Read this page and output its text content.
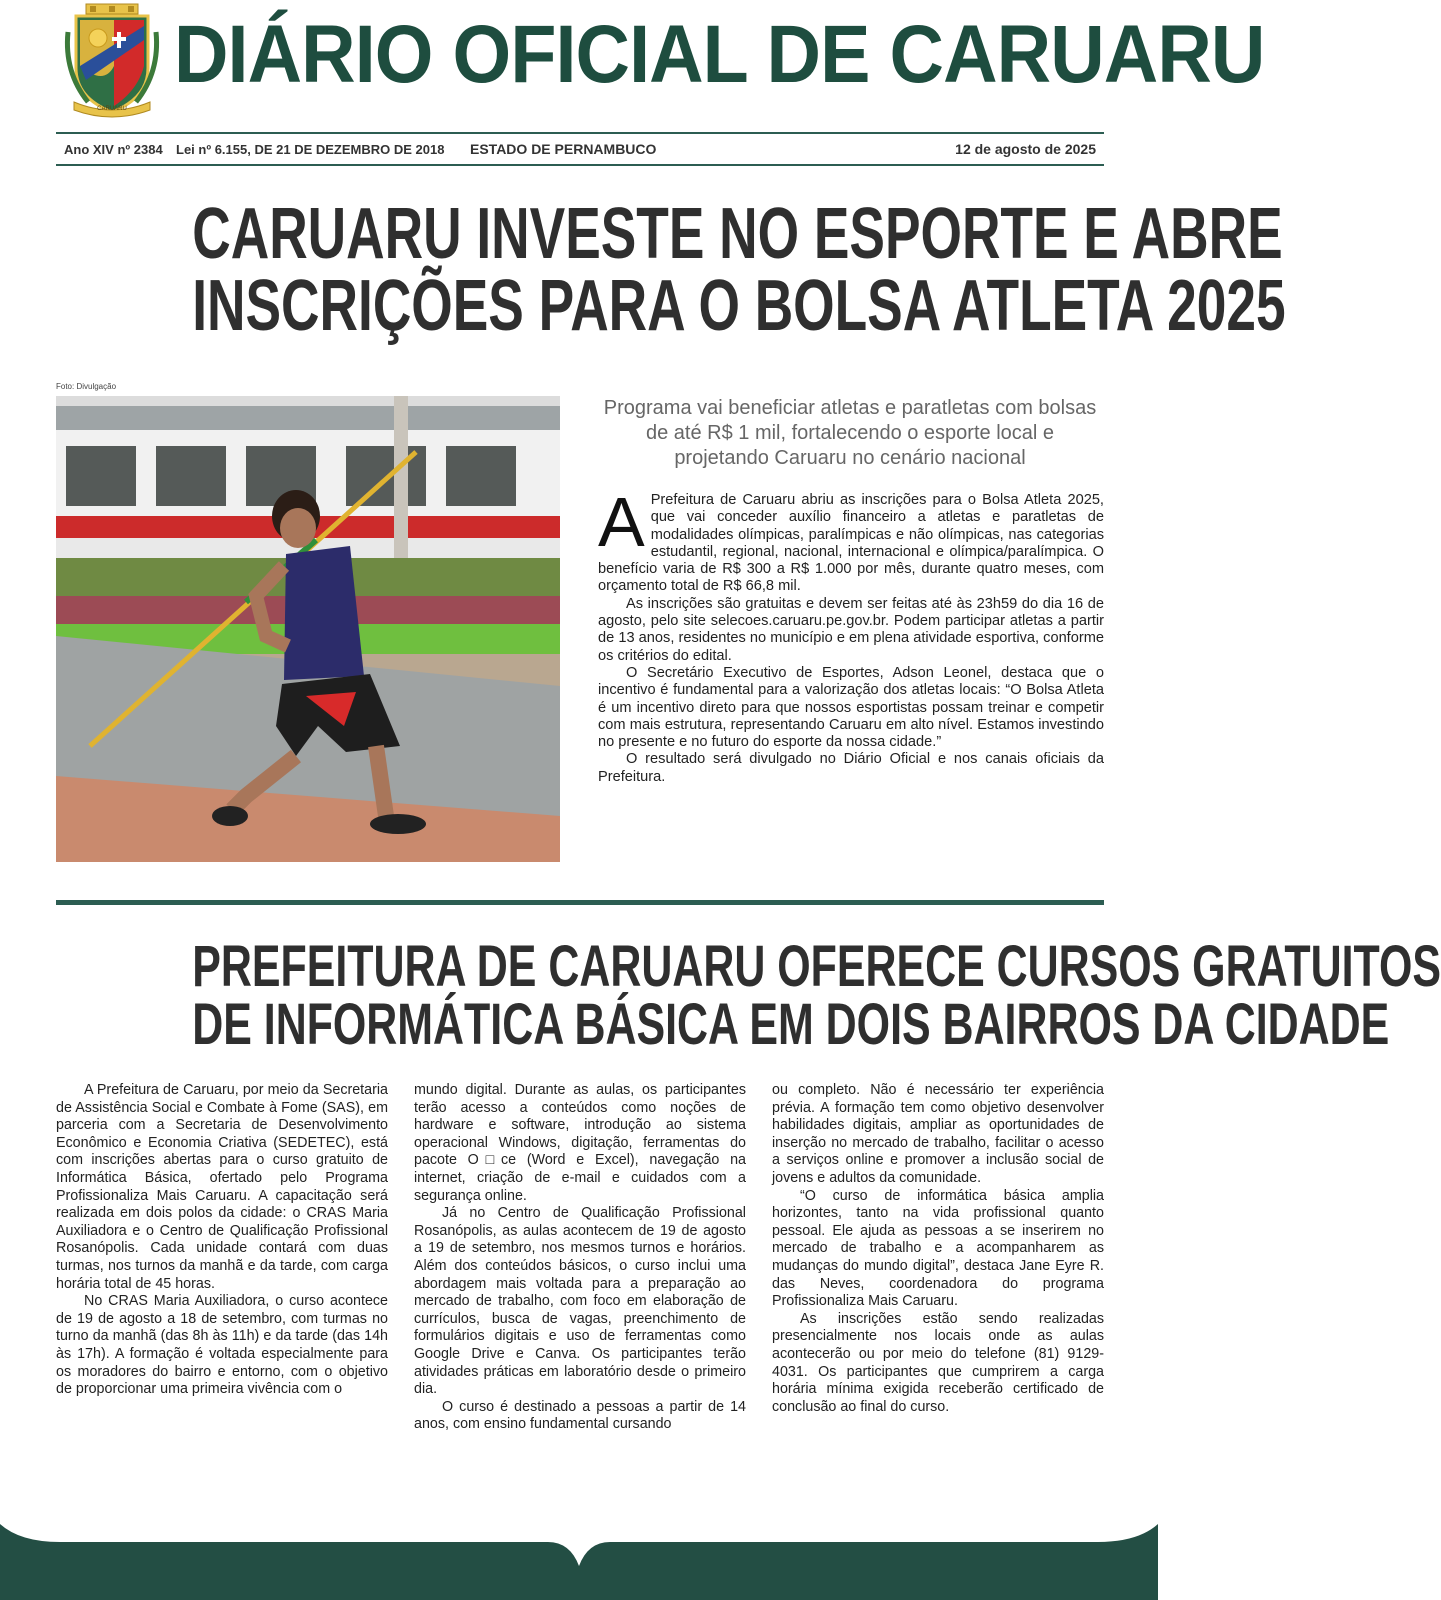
CARUARU
DIÁRIO OFICIAL DE CARUARU
Ano XIV nº 2384 Lei nº 6.155, DE 21 DE DEZEMBRO DE 2018 ESTADO DE PERNAMBUCO	12 de agosto de 2025
CARUARU INVESTE NO ESPORTE E ABRE
INSCRIÇÕES PARA O BOLSA ATLETA 2025
Foto: Divulgação
Programa vai beneficiar atletas e paratletas com bolsas de até R$ 1 mil, fortalecendo o esporte local e projetando Caruaru no cenário nacional

A Prefeitura de Caruaru abriu as inscrições para o Bolsa Atleta 2025, que vai conceder auxílio financeiro a atletas e paratletas de modalidades olímpicas, paralímpicas e não olímpicas, nas categorias estudantil, regional, nacional, internacional e olímpica/paralímpica. O benefício varia de R$ 300 a R$ 1.000 por mês, durante quatro meses, com orçamento total de R$ 66,8 mil.

As inscrições são gratuitas e devem ser feitas até às 23h59 do dia 16 de agosto, pelo site selecoes.caruaru.pe.gov.br. Podem participar atletas a partir de 13 anos, residentes no município e em plena atividade esportiva, conforme os critérios do edital.

O Secretário Executivo de Esportes, Adson Leonel, destaca que o incentivo é fundamental para a valorização dos atletas locais: “O Bolsa Atleta é um incentivo direto para que nossos esportistas possam treinar e competir com mais estrutura, representando Caruaru em alto nível. Estamos investindo no presente e no futuro do esporte da nossa cidade.”

O resultado será divulgado no Diário Oficial e nos canais oficiais da Prefeitura.

PREFEITURA DE CARUARU OFERECE CURSOS GRATUITOS
DE INFORMÁTICA BÁSICA EM DOIS BAIRROS DA CIDADE

A Prefeitura de Caruaru, por meio da Secretaria de Assistência Social e Combate à Fome (SAS), em parceria com a Secretaria de Desenvolvimento Econômico e Economia Criativa (SEDETEC), está com inscrições abertas para o curso gratuito de Informática Básica, ofertado pelo Programa Profissionaliza Mais Caruaru. A capacitação será realizada em dois polos da cidade: o CRAS Maria Auxiliadora e o Centro de Qualificação Profissional Rosanópolis. Cada unidade contará com duas turmas, nos turnos da manhã e da tarde, com carga horária total de 45 horas.

No CRAS Maria Auxiliadora, o curso acontece de 19 de agosto a 18 de setembro, com turmas no turno da manhã (das 8h às 11h) e da tarde (das 14h às 17h). A formação é voltada especialmente para os moradores do bairro e entorno, com o objetivo de proporcionar uma primeira vivência com o

mundo digital. Durante as aulas, os participantes terão acesso a conteúdos como noções de hardware e software, introdução ao sistema operacional Windows, digitação, ferramentas do pacote O□ce (Word e Excel), navegação na internet, criação de e-mail e cuidados com a segurança online.

Já no Centro de Qualificação Profissional Rosanópolis, as aulas acontecem de 19 de agosto a 19 de setembro, nos mesmos turnos e horários. Além dos conteúdos básicos, o curso inclui uma abordagem mais voltada para a preparação ao mercado de trabalho, com foco em elaboração de currículos, busca de vagas, preenchimento de formulários digitais e uso de ferramentas como Google Drive e Canva. Os participantes terão atividades práticas em laboratório desde o primeiro dia.

O curso é destinado a pessoas a partir de 14 anos, com ensino fundamental cursando

ou completo. Não é necessário ter experiência prévia. A formação tem como objetivo desenvolver habilidades digitais, ampliar as oportunidades de inserção no mercado de trabalho, facilitar o acesso a serviços online e promover a inclusão social de jovens e adultos da comunidade.

“O curso de informática básica amplia horizontes, tanto na vida profissional quanto pessoal. Ele ajuda as pessoas a se inserirem no mercado de trabalho e a acompanharem as mudanças do mundo digital”, destaca Jane Eyre R. das Neves, coordenadora do programa Profissionaliza Mais Caruaru.

As inscrições estão sendo realizadas presencialmente nos locais onde as aulas acontecerão ou por meio do telefone (81) 9129-4031. Os participantes que cumprirem a carga horária mínima exigida receberão certificado de conclusão ao final do curso.
